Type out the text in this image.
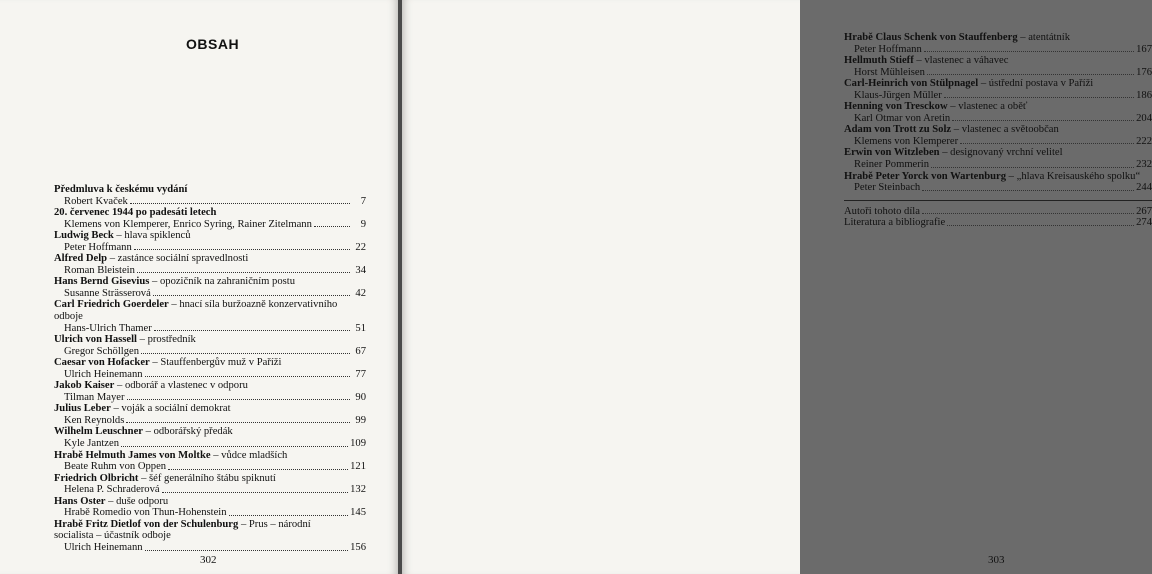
OBSAH
Předmluva k českému vydání
Robert Kvaček	7
20. červenec 1944 po padesáti letech
Klemens von Klemperer, Enrico Syring, Rainer Zitelmann	9
Ludwig Beck – hlava spiklenců
Peter Hoffmann	22
Alfred Delp – zastánce sociální spravedlnosti
Roman Bleistein	34
Hans Bernd Gisevius – opozičník na zahraničním postu
Susanne Strässerová	42
Carl Friedrich Goerdeler – hnací síla buržoazně konzervativního
odboje
Hans-Ulrich Thamer	51
Ulrich von Hassell – prostředník
Gregor Schöllgen	67
Caesar von Hofacker – Stauffenbergův muž v Paříži
Ulrich Heinemann	77
Jakob Kaiser – odborář a vlastenec v odporu
Tilman Mayer	90
Julius Leber – voják a sociální demokrat
Ken Reynolds	99
Wilhelm Leuschner – odborářský předák
Kyle Jantzen	109
Hrabě Helmuth James von Moltke – vůdce mladších
Beate Ruhm von Oppen	121
Friedrich Olbricht – šéf generálního štábu spiknutí
Helena P. Schraderová	132
Hans Oster – duše odporu
Hrabě Romedio von Thun-Hohenstein	145
Hrabě Fritz Dietlof von der Schulenburg – Prus – národní
socialista – účastník odboje
Ulrich Heinemann	156
302
Hrabě Claus Schenk von Stauffenberg – atentátník
Peter Hoffmann	167
Hellmuth Stieff – vlastenec a váhavec
Horst Mühleisen	176
Carl-Heinrich von Stülpnagel – ústřední postava v Paříži
Klaus-Jürgen Müller	186
Henning von Tresckow – vlastenec a oběť
Karl Otmar von Aretin	204
Adam von Trott zu Solz – vlastenec a světoobčan
Klemens von Klemperer	222
Erwin von Witzleben – designovaný vrchní velitel
Reiner Pommerin	232
Hrabě Peter Yorck von Wartenburg – „hlava Kreisauského spolku“
Peter Steinbach	244
Autoři tohoto díla	267
Literatura a bibliografie	274
303
